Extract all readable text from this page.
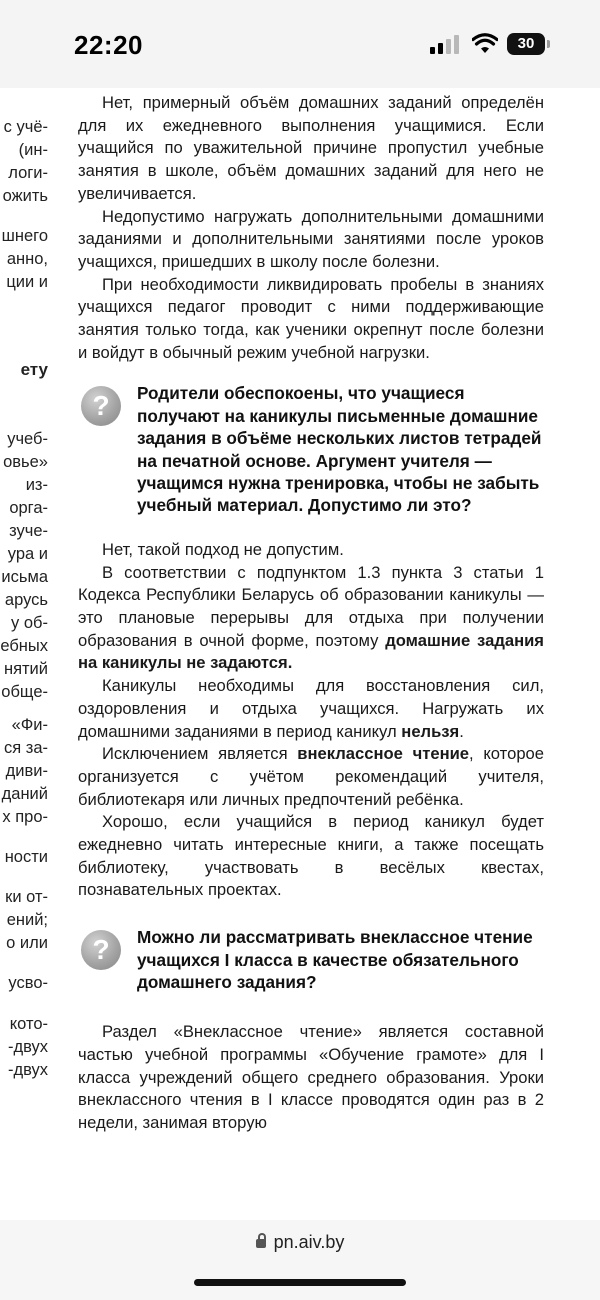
22:20	30
с учё-
(ин-
логи-
ожить
шнего
анно,
ции и
ету
учеб-
овье»
из-
орга-
зуче-
ура и
исьма
арусь
у об-
ебных
нятий
обще-
«Фи-
ся за-
диви-
даний
х про-
ности
ки от-
ений;
о или
усво-
кото-
-двух
-двух

Нет, примерный объём домашних заданий определён для их ежедневного выполнения учащимися. Если учащийся по уважительной причине пропустил учебные занятия в школе, объём домашних заданий для него не увеличивается.

Недопустимо нагружать дополнительными домашними заданиями и дополнительными занятиями после уроков учащихся, пришедших в школу после болезни.

При необходимости ликвидировать пробелы в знаниях учащихся педагог проводит с ними поддерживающие занятия только тогда, как ученики окрепнут после болезни и войдут в обычный режим учебной нагрузки.

?	Родители обеспокоены, что учащиеся получают на каникулы письменные домашние задания в объёме нескольких листов тетрадей на печатной основе. Аргумент учителя — учащимся нужна тренировка, чтобы не забыть учебный материал. Допустимо ли это?

Нет, такой подход не допустим.

В соответствии с подпунктом 1.3 пункта 3 статьи 1 Кодекса Республики Беларусь об образовании каникулы — это плановые перерывы для отдыха при получении образования в очной форме, поэтому домашние задания на каникулы не задаются.

Каникулы необходимы для восстановления сил, оздоровления и отдыха учащихся. Нагружать их домашними заданиями в период каникул нельзя.

Исключением является внеклассное чтение, которое организуется с учётом рекомендаций учителя, библиотекаря или личных предпочтений ребёнка.

Хорошо, если учащийся в период каникул будет ежедневно читать интересные книги, а также посещать библиотеку, участвовать в весёлых квестах, познавательных проектах.

?	Можно ли рассматривать внеклассное чтение учащихся I класса в качестве обязательного домашнего задания?

Раздел «Внеклассное чтение» является составной частью учебной программы «Обучение грамоте» для I класса учреждений общего среднего образования. Уроки внеклассного чтения в I классе проводятся один раз в 2 недели, занимая вторую

pn.aiv.by
